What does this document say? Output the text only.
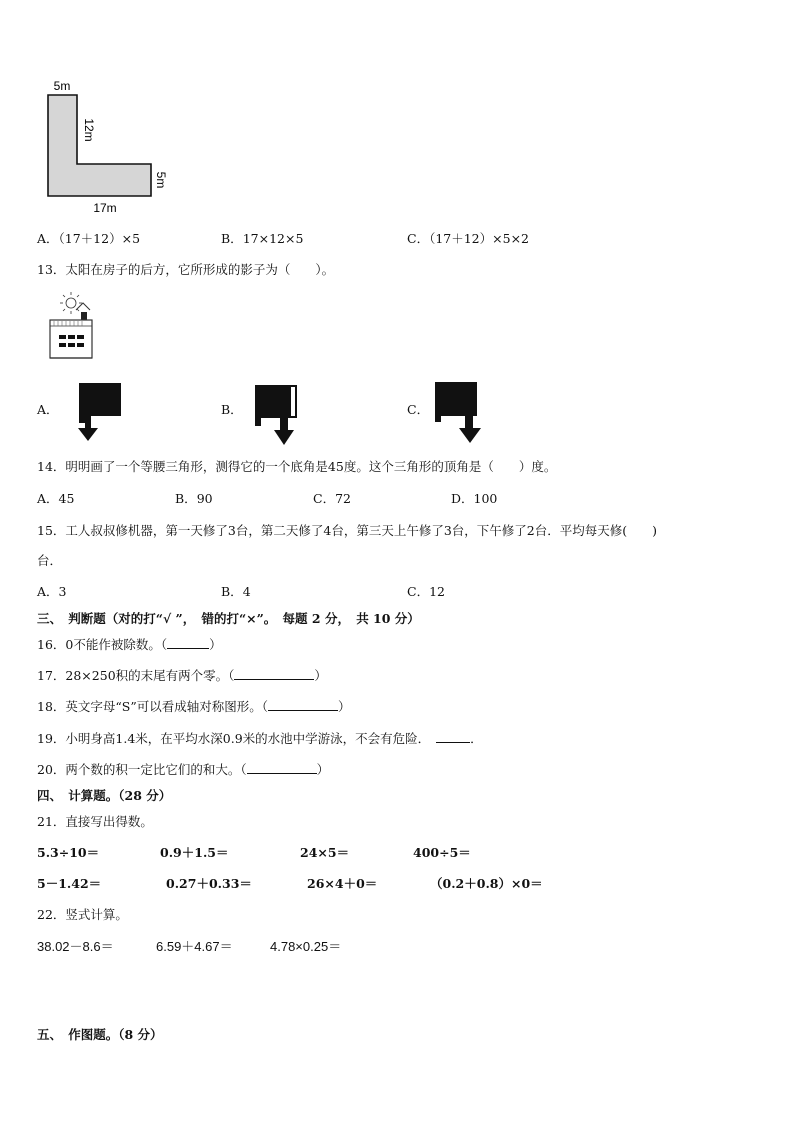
5m
12m
5m
17m
A．（17＋12）×5	B．17×12×5	C．（17＋12）×5×2
13．太阳在房子的后方，它所形成的影子为（　　）。
A．	B．	C．
14．明明画了一个等腰三角形，测得它的一个底角是45度。这个三角形的顶角是（　　）度。
A．45	B．90	C．72	D．100
15．工人叔叔修机器，第一天修了3台，第二天修了4台，第三天上午修了3台，下午修了2台．平均每天修(　　)
台．
A．3	B．4	C．12
三、　判断题（对的打“√ ”，　错的打“×”。　每题 2 分，　共 10 分）
16．0不能作被除数。（	）
17．28×250积的末尾有两个零。（	）
18．英文字母“S”可以看成轴对称图形。（	）
19．小明身高1.4米，在平均水深0.9米的水池中学游泳，不会有危险．	．
20．两个数的积一定比它们的和大。（	）
四、　计算题。（28 分）
21．直接写出得数。
5.3÷10＝	0.9＋1.5＝	24×5＝	400÷5＝
5－1.42＝	0.27＋0.33＝	26×4＋0＝	（0.2＋0.8）×0＝
22．竖式计算。
38.02－8.6＝	6.59＋4.67＝	4.78×0.25＝
五、　作图题。（8 分）
